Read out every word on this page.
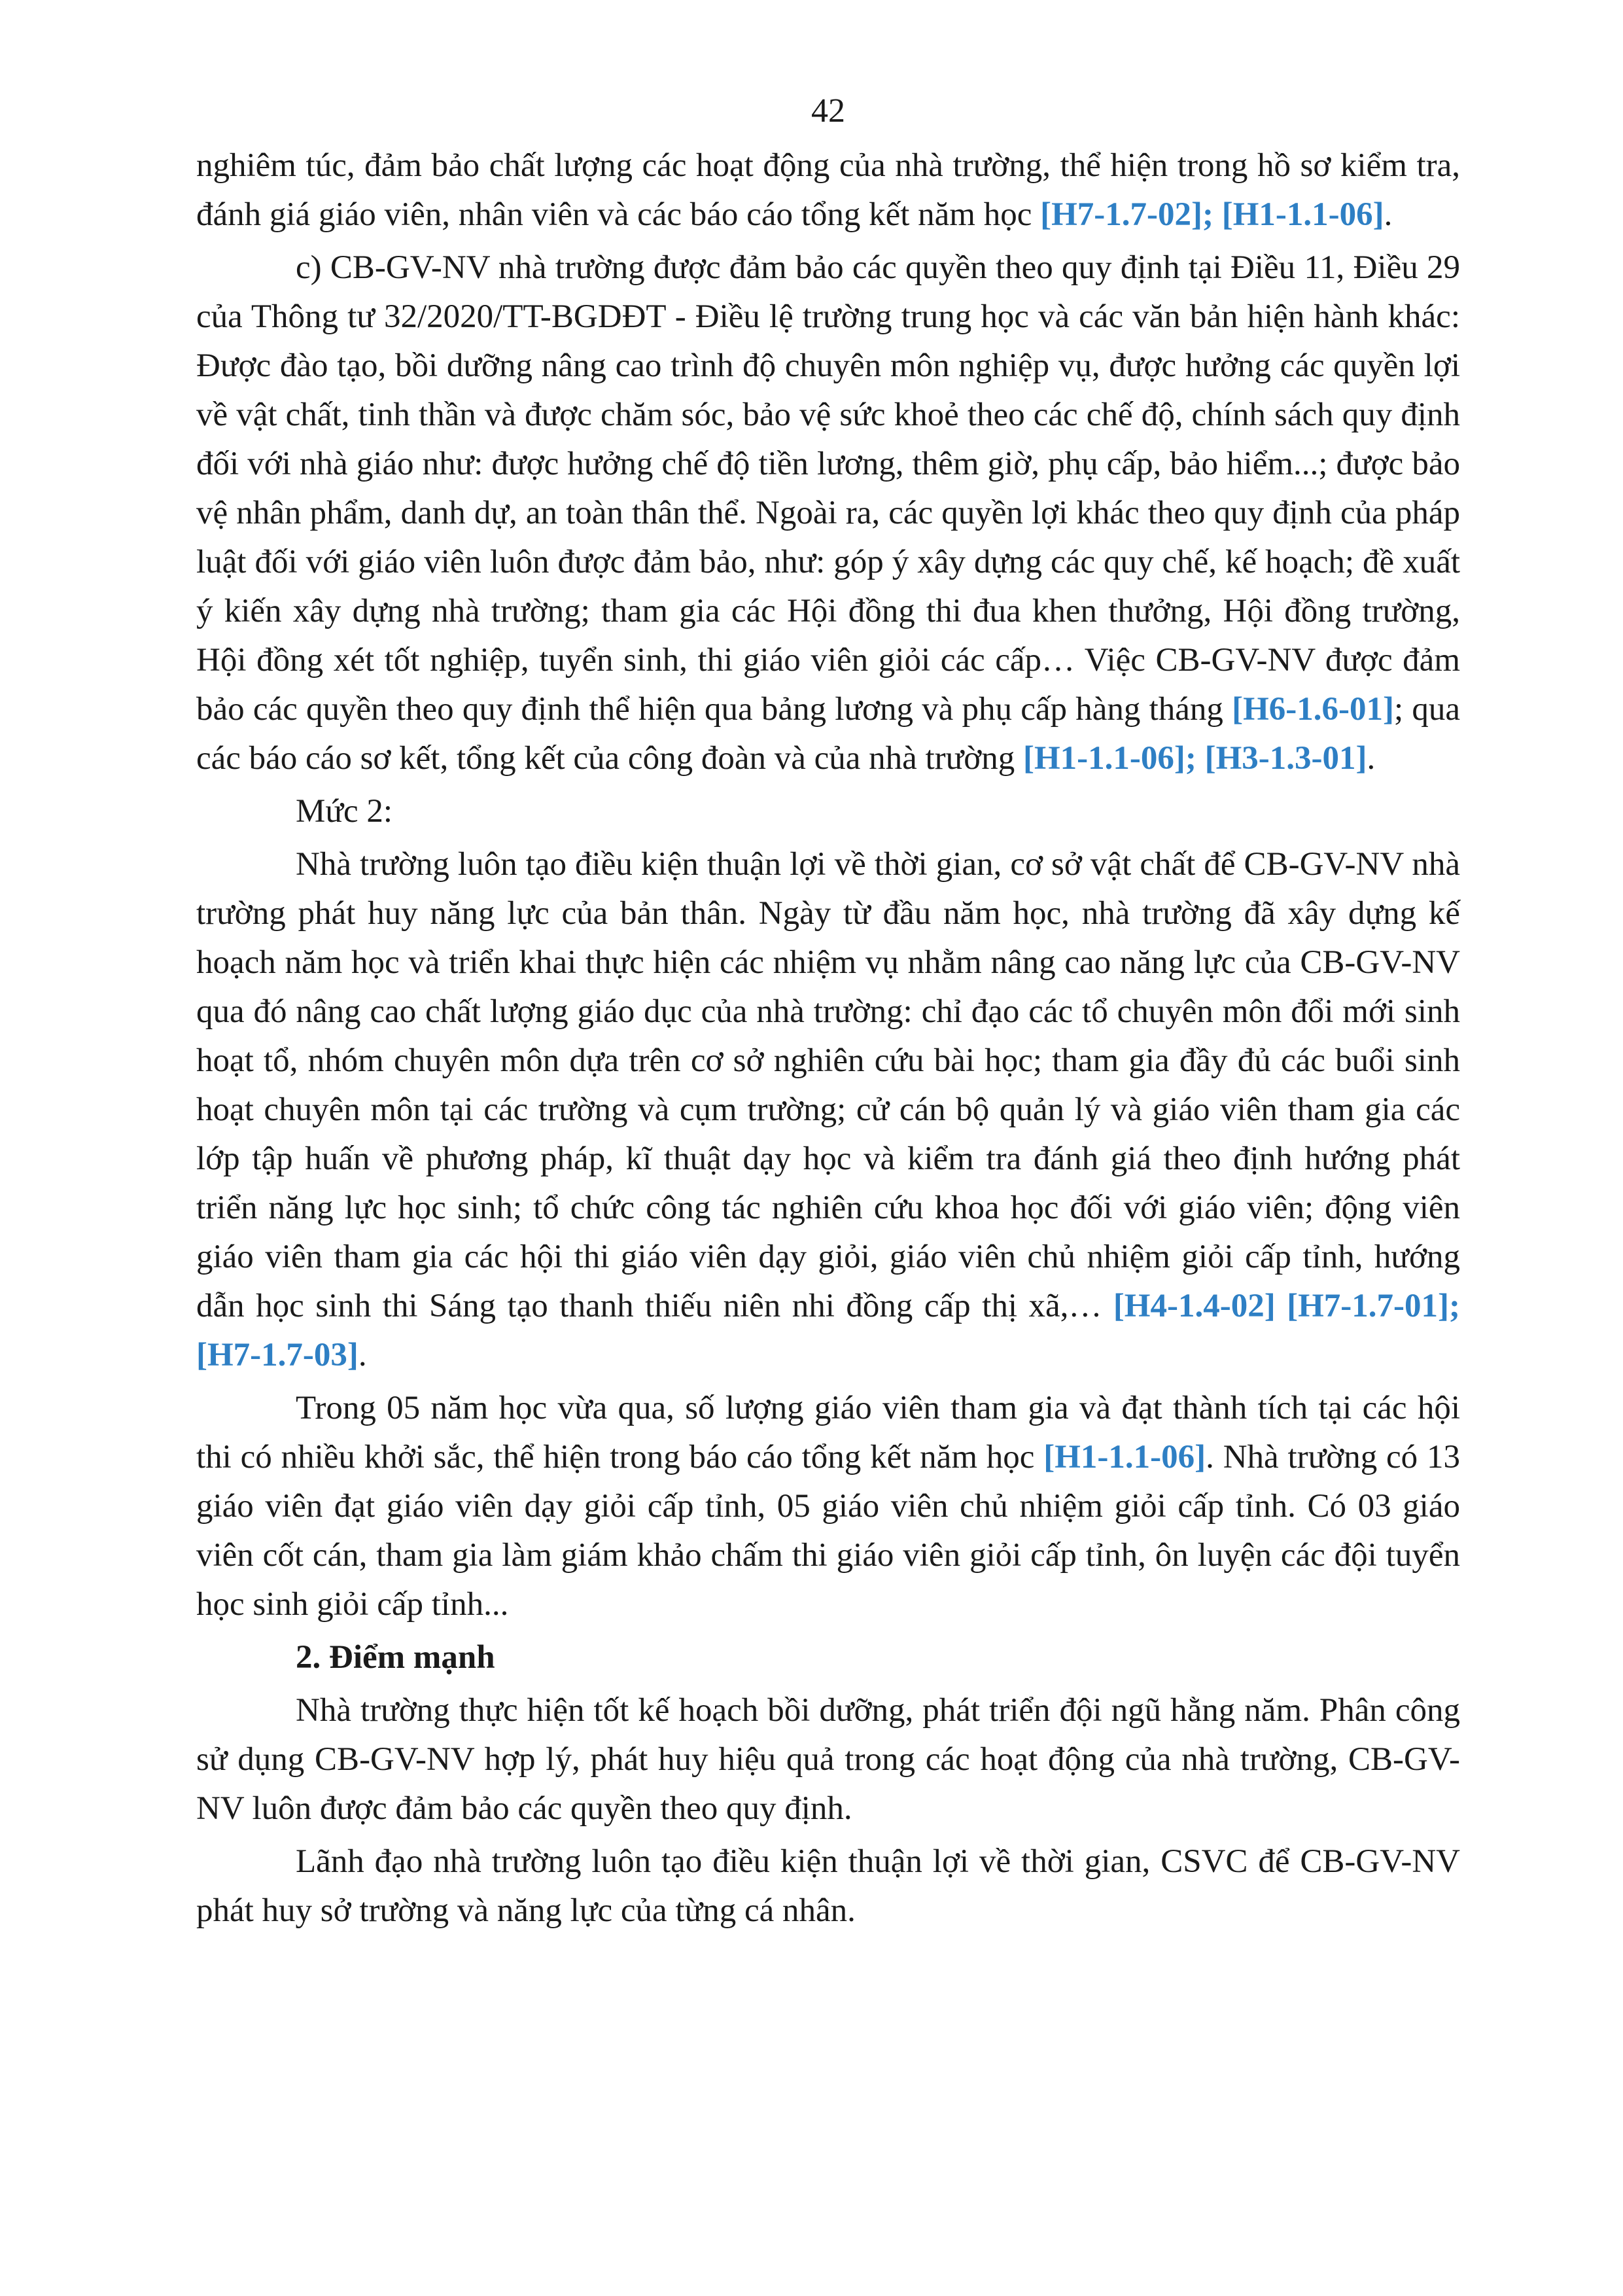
42

nghiêm túc, đảm bảo chất lượng các hoạt động của nhà trường, thể hiện trong hồ sơ kiểm tra, đánh giá giáo viên, nhân viên và các báo cáo tổng kết năm học [H7-1.7-02]; [H1-1.1-06].

c) CB-GV-NV nhà trường được đảm bảo các quyền theo quy định tại Điều 11, Điều 29 của Thông tư 32/2020/TT-BGDĐT - Điều lệ trường trung học và các văn bản hiện hành khác: Được đào tạo, bồi dưỡng nâng cao trình độ chuyên môn nghiệp vụ, được hưởng các quyền lợi về vật chất, tinh thần và được chăm sóc, bảo vệ sức khoẻ theo các chế độ, chính sách quy định đối với nhà giáo như: được hưởng chế độ tiền lương, thêm giờ, phụ cấp, bảo hiểm...; được bảo vệ nhân phẩm, danh dự, an toàn thân thể. Ngoài ra, các quyền lợi khác theo quy định của pháp luật đối với giáo viên luôn được đảm bảo, như: góp ý xây dựng các quy chế, kế hoạch; đề xuất ý kiến xây dựng nhà trường; tham gia các Hội đồng thi đua khen thưởng, Hội đồng trường, Hội đồng xét tốt nghiệp, tuyển sinh, thi giáo viên giỏi các cấp… Việc CB-GV-NV được đảm bảo các quyền theo quy định thể hiện qua bảng lương và phụ cấp hàng tháng [H6-1.6-01]; qua các báo cáo sơ kết, tổng kết của công đoàn và của nhà trường [H1-1.1-06]; [H3-1.3-01].

Mức 2:

Nhà trường luôn tạo điều kiện thuận lợi về thời gian, cơ sở vật chất để CB-GV-NV nhà trường phát huy năng lực của bản thân. Ngày từ đầu năm học, nhà trường đã xây dựng kế hoạch năm học và triển khai thực hiện các nhiệm vụ nhằm nâng cao năng lực của CB-GV-NV qua đó nâng cao chất lượng giáo dục của nhà trường: chỉ đạo các tổ chuyên môn đổi mới sinh hoạt tổ, nhóm chuyên môn dựa trên cơ sở nghiên cứu bài học; tham gia đầy đủ các buổi sinh hoạt chuyên môn tại các trường và cụm trường; cử cán bộ quản lý và giáo viên tham gia các lớp tập huấn về phương pháp, kĩ thuật dạy học và kiểm tra đánh giá theo định hướng phát triển năng lực học sinh; tổ chức công tác nghiên cứu khoa học đối với giáo viên; động viên giáo viên tham gia các hội thi giáo viên dạy giỏi, giáo viên chủ nhiệm giỏi cấp tỉnh, hướng dẫn học sinh thi Sáng tạo thanh thiếu niên nhi đồng cấp thị xã,… [H4-1.4-02] [H7-1.7-01]; [H7-1.7-03].

Trong 05 năm học vừa qua, số lượng giáo viên tham gia và đạt thành tích tại các hội thi có nhiều khởi sắc, thể hiện trong báo cáo tổng kết năm học [H1-1.1-06]. Nhà trường có 13 giáo viên đạt giáo viên dạy giỏi cấp tỉnh, 05 giáo viên chủ nhiệm giỏi cấp tỉnh. Có 03 giáo viên cốt cán, tham gia làm giám khảo chấm thi giáo viên giỏi cấp tỉnh, ôn luyện các đội tuyển học sinh giỏi cấp tỉnh...

2. Điểm mạnh

Nhà trường thực hiện tốt kế hoạch bồi dưỡng, phát triển đội ngũ hằng năm. Phân công sử dụng CB-GV-NV hợp lý, phát huy hiệu quả trong các hoạt động của nhà trường, CB-GV-NV luôn được đảm bảo các quyền theo quy định.

Lãnh đạo nhà trường luôn tạo điều kiện thuận lợi về thời gian, CSVC để CB-GV-NV phát huy sở trường và năng lực của từng cá nhân.
